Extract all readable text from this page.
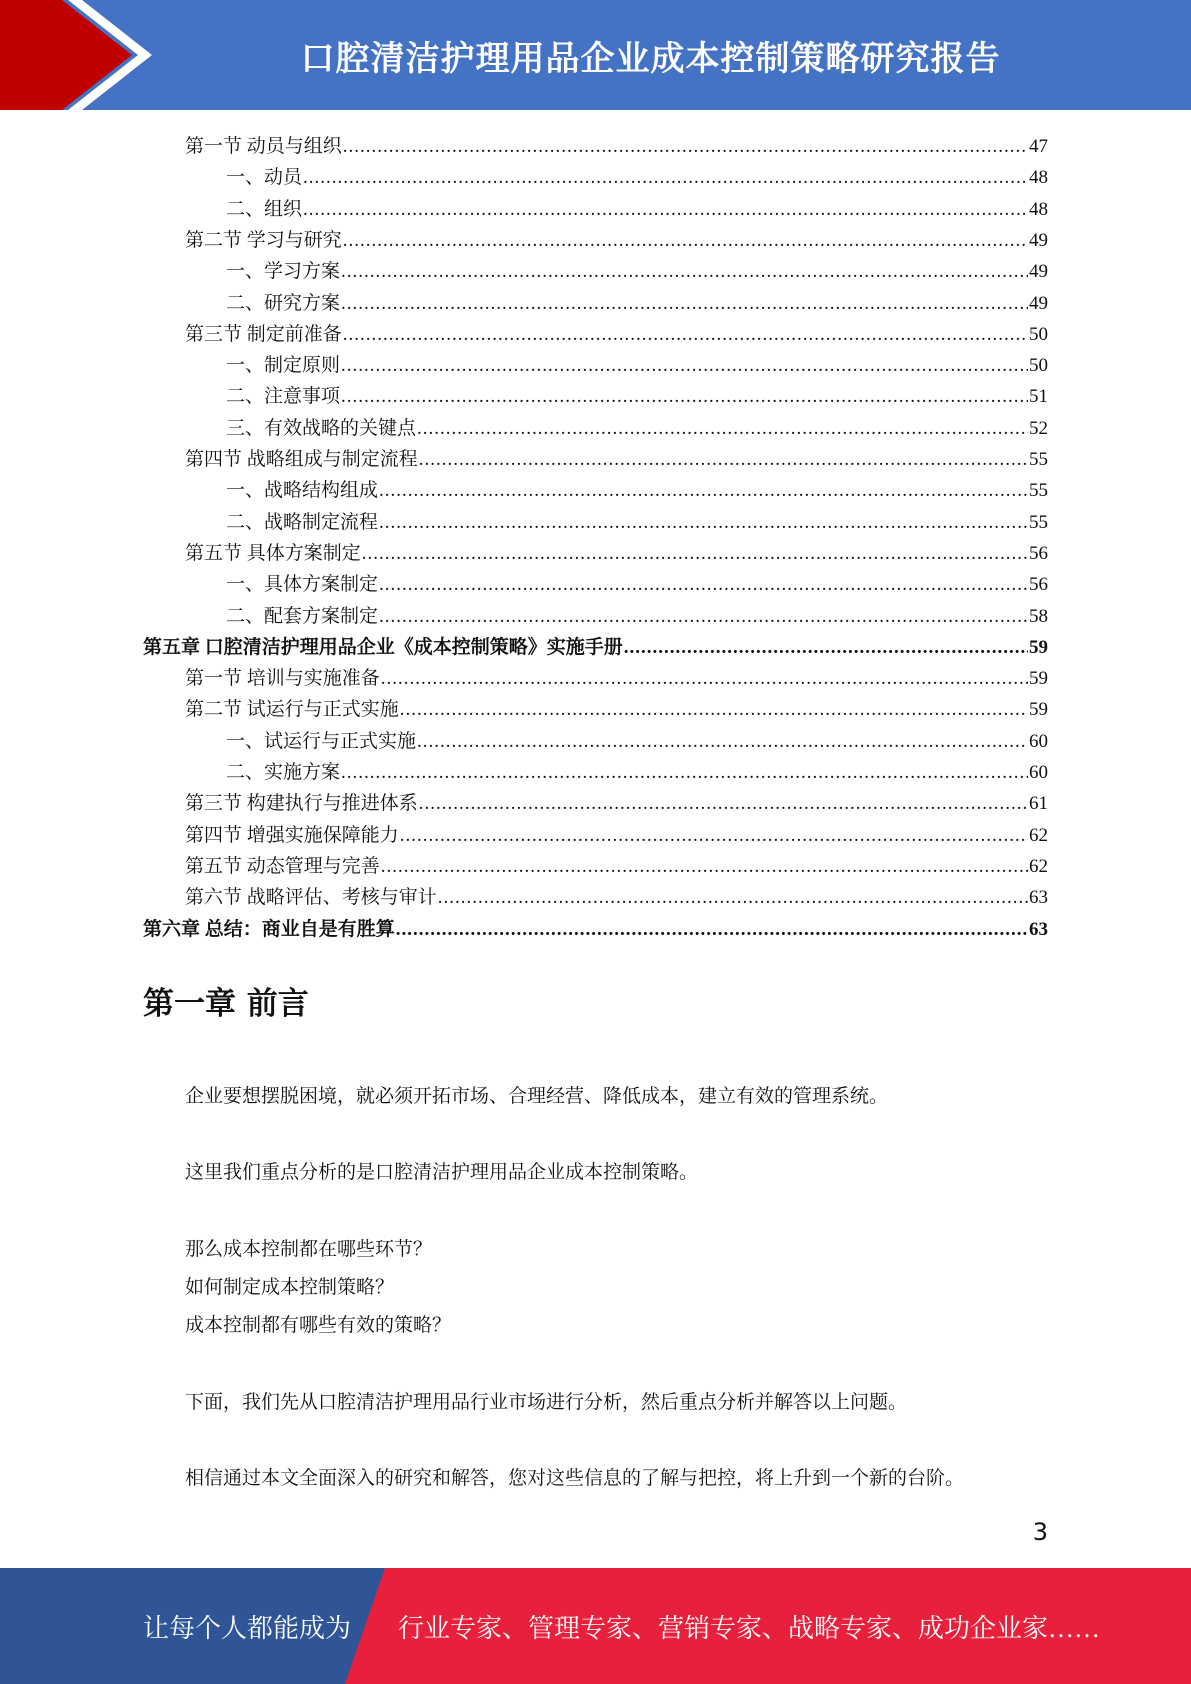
口腔清洁护理用品企业成本控制策略研究报告
第一节 动员与组织 .....	47
一、动员 .....	48
二、组织 .....	48
第二节 学习与研究 .....	49
一、学习方案 .....	49
二、研究方案 .....	49
第三节 制定前准备 .....	50
一、制定原则 .....	50
二、注意事项 .....	51
三、有效战略的关键点 .....	52
第四节 战略组成与制定流程 .....	55
一、战略结构组成 .....	55
二、战略制定流程 .....	55
第五节 具体方案制定 .....	56
一、具体方案制定 .....	56
二、配套方案制定 .....	58
第五章 口腔清洁护理用品企业《成本控制策略》实施手册 .....	59
第一节 培训与实施准备 .....	59
第二节 试运行与正式实施 .....	59
一、试运行与正式实施 .....	60
二、实施方案 .....	60
第三节 构建执行与推进体系 .....	61
第四节 增强实施保障能力 .....	62
第五节 动态管理与完善 .....	62
第六节 战略评估、考核与审计 .....	63
第六章 总结：商业自是有胜算 .....	63
第一章 前言
企业要想摆脱困境，就必须开拓市场、合理经营、降低成本，建立有效的管理系统。
这里我们重点分析的是口腔清洁护理用品企业成本控制策略。
那么成本控制都在哪些环节？
如何制定成本控制策略？
成本控制都有哪些有效的策略？
下面，我们先从口腔清洁护理用品行业市场进行分析，然后重点分析并解答以上问题。
相信通过本文全面深入的研究和解答，您对这些信息的了解与把控，将上升到一个新的台阶。
3
让每个人都能成为 行业专家、管理专家、营销专家、战略专家、成功企业家……
